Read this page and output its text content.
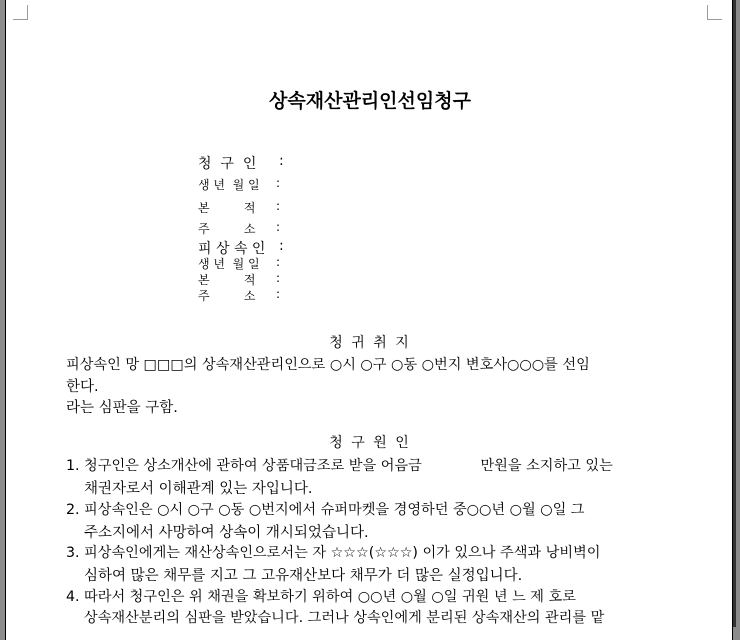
상속재산관리인선임청구
청  구  인 :
생 년  월 일 :
본         적 :
주         소 :
피 상 속 인 :
생 년  월 일 :
본         적 :
주         소 :
청 귀 취 지
피상속인 망 □□□의 상속재산관리인으로 ○시 ○구 ○동 ○번지 변호사○○○를 선임
한다.
라는 심판을 구함.
청 구 원 인
1. 청구인은 상소개산에 관하여 상품대금조로 받을 어음금             만원을 소지하고 있는
채권자로서 이해관계 있는 자입니다.
2. 피상속인은 ○시 ○구 ○동 ○번지에서 슈퍼마켓을 경영하던 중○○년 ○월 ○일 그
주소지에서 사망하여 상속이 개시되었습니다.
3. 피상속인에게는 재산상속인으로서는 자 ☆☆☆(☆☆☆) 이가 있으나 주색과 낭비벽이
심하여 많은 채무를 지고 그 고유재산보다 채무가 더 많은 실정입니다.
4. 따라서 청구인은 위 채권을 확보하기 위하여 ○○년 ○월 ○일 귀원 년 느 제 호로
상속재산분리의 심판을 받았습니다. 그러나 상속인에게 분리된 상속재산의 관리를 맡
